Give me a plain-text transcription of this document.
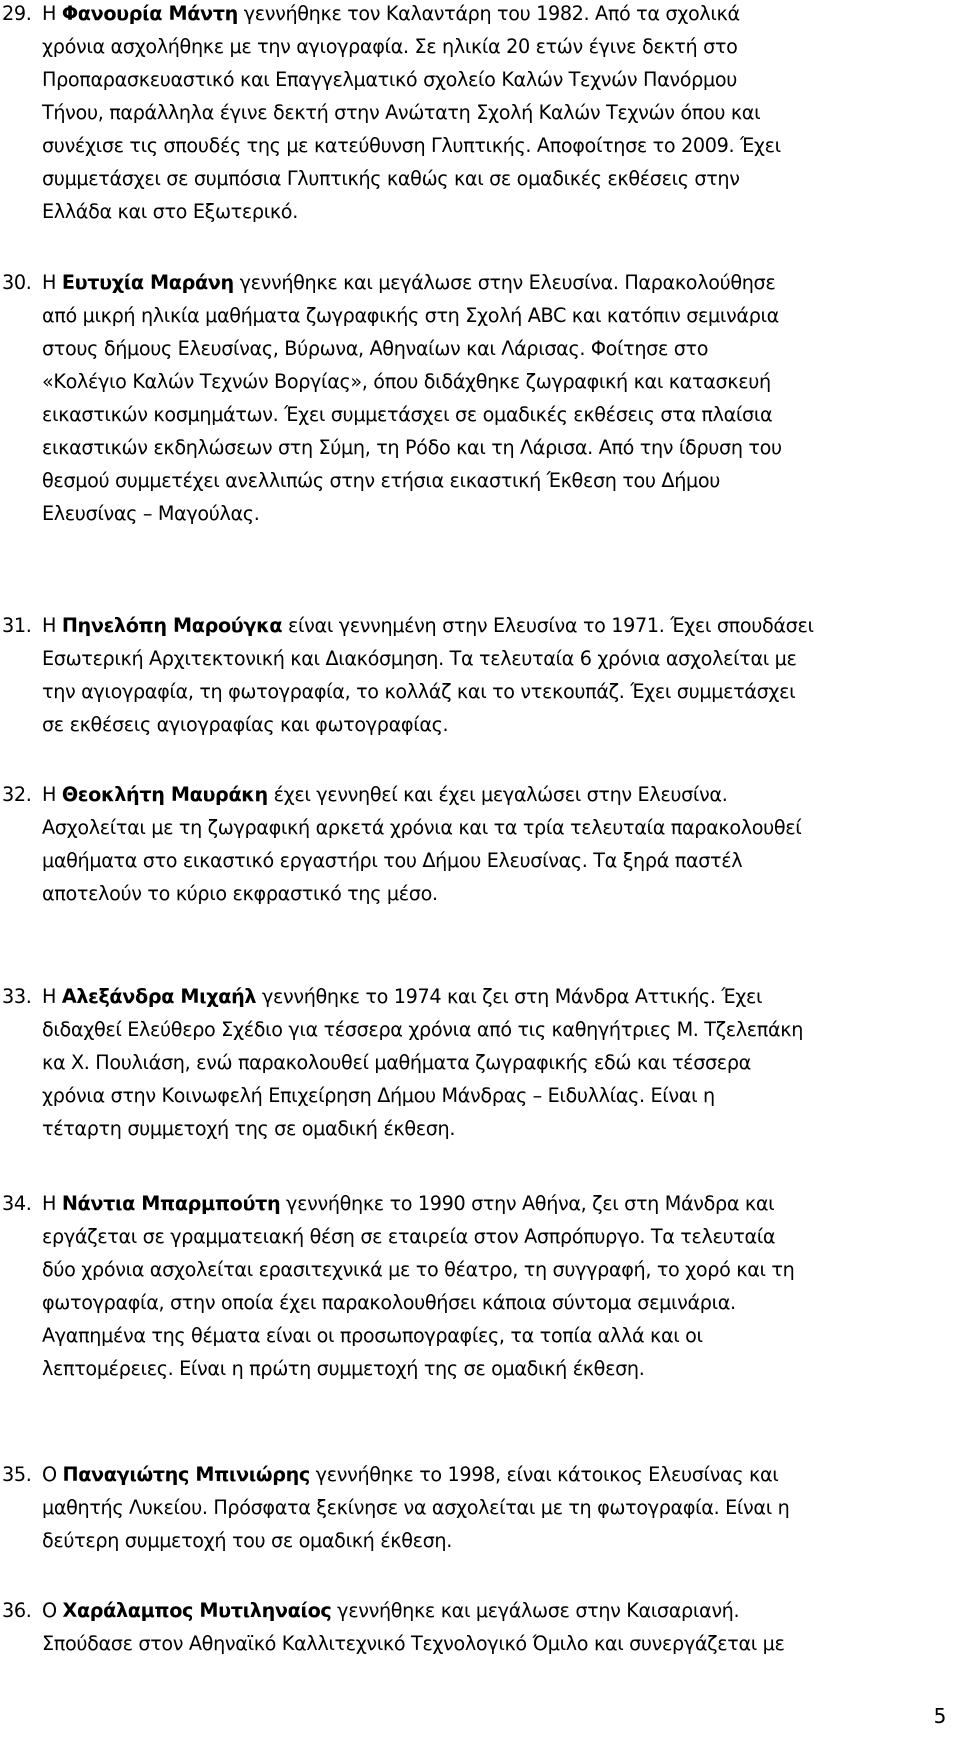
29. Η Φανουρία Μάντη γεννήθηκε τον Καλαντάρη του 1982. Από τα σχολικά
χρόνια ασχολήθηκε με την αγιογραφία. Σε ηλικία 20 ετών έγινε δεκτή στο
Προπαρασκευαστικό και Επαγγελματικό σχολείο Καλών Τεχνών Πανόρμου
Τήνου, παράλληλα έγινε δεκτή στην Ανώτατη Σχολή Καλών Τεχνών όπου και
συνέχισε τις σπουδές της με κατεύθυνση Γλυπτικής. Αποφοίτησε το 2009. Έχει
συμμετάσχει σε συμπόσια Γλυπτικής καθώς και σε ομαδικές εκθέσεις στην
Ελλάδα και στο Εξωτερικό.
30. Η Ευτυχία Μαράνη γεννήθηκε και μεγάλωσε στην Ελευσίνα. Παρακολούθησε
από μικρή ηλικία μαθήματα ζωγραφικής στη Σχολή ABC και κατόπιν σεμινάρια
στους δήμους Ελευσίνας, Βύρωνα, Αθηναίων και Λάρισας. Φοίτησε στο
«Κολέγιο Καλών Τεχνών Βοργίας», όπου διδάχθηκε ζωγραφική και κατασκευή
εικαστικών κοσμημάτων. Έχει συμμετάσχει σε ομαδικές εκθέσεις στα πλαίσια
εικαστικών εκδηλώσεων στη Σύμη, τη Ρόδο και τη Λάρισα. Από την ίδρυση του
θεσμού συμμετέχει ανελλιπώς στην ετήσια εικαστική Έκθεση του Δήμου
Ελευσίνας – Μαγούλας.
31. Η Πηνελόπη Μαρούγκα είναι γεννημένη στην Ελευσίνα το 1971. Έχει σπουδάσει
Εσωτερική Αρχιτεκτονική και Διακόσμηση. Τα τελευταία 6 χρόνια ασχολείται με
την αγιογραφία, τη φωτογραφία, το κολλάζ και το ντεκουπάζ. Έχει συμμετάσχει
σε εκθέσεις αγιογραφίας και φωτογραφίας.
32. Η Θεοκλήτη Μαυράκη έχει γεννηθεί και έχει μεγαλώσει στην Ελευσίνα.
Ασχολείται με τη ζωγραφική αρκετά χρόνια και τα τρία τελευταία παρακολουθεί
μαθήματα στο εικαστικό εργαστήρι του Δήμου Ελευσίνας. Τα ξηρά παστέλ
αποτελούν το κύριο εκφραστικό της μέσο.
33. Η Αλεξάνδρα Μιχαήλ γεννήθηκε το 1974 και ζει στη Μάνδρα Αττικής. Έχει
διδαχθεί Ελεύθερο Σχέδιο για τέσσερα χρόνια από τις καθηγήτριες Μ. Τζελεπάκη
κα Χ. Πουλιάση, ενώ παρακολουθεί μαθήματα ζωγραφικής εδώ και τέσσερα
χρόνια στην Κοινωφελή Επιχείρηση Δήμου Μάνδρας – Ειδυλλίας. Είναι η
τέταρτη συμμετοχή της σε ομαδική έκθεση.
34. Η Νάντια Μπαρμπούτη γεννήθηκε το 1990 στην Αθήνα, ζει στη Μάνδρα και
εργάζεται σε γραμματειακή θέση σε εταιρεία στον Ασπρόπυργο. Τα τελευταία
δύο χρόνια ασχολείται ερασιτεχνικά με το θέατρο, τη συγγραφή, το χορό και τη
φωτογραφία, στην οποία έχει παρακολουθήσει κάποια σύντομα σεμινάρια.
Αγαπημένα της θέματα είναι οι προσωπογραφίες, τα τοπία αλλά και οι
λεπτομέρειες. Είναι η πρώτη συμμετοχή της σε ομαδική έκθεση.
35. Ο Παναγιώτης Μπινιώρης γεννήθηκε το 1998, είναι κάτοικος Ελευσίνας και
μαθητής Λυκείου. Πρόσφατα ξεκίνησε να ασχολείται με τη φωτογραφία. Είναι η
δεύτερη συμμετοχή του σε ομαδική έκθεση.
36. Ο Χαράλαμπος Μυτιληναίος γεννήθηκε και μεγάλωσε στην Καισαριανή.
Σπούδασε στον Αθηναϊκό Καλλιτεχνικό Τεχνολογικό Όμιλο και συνεργάζεται με
5
